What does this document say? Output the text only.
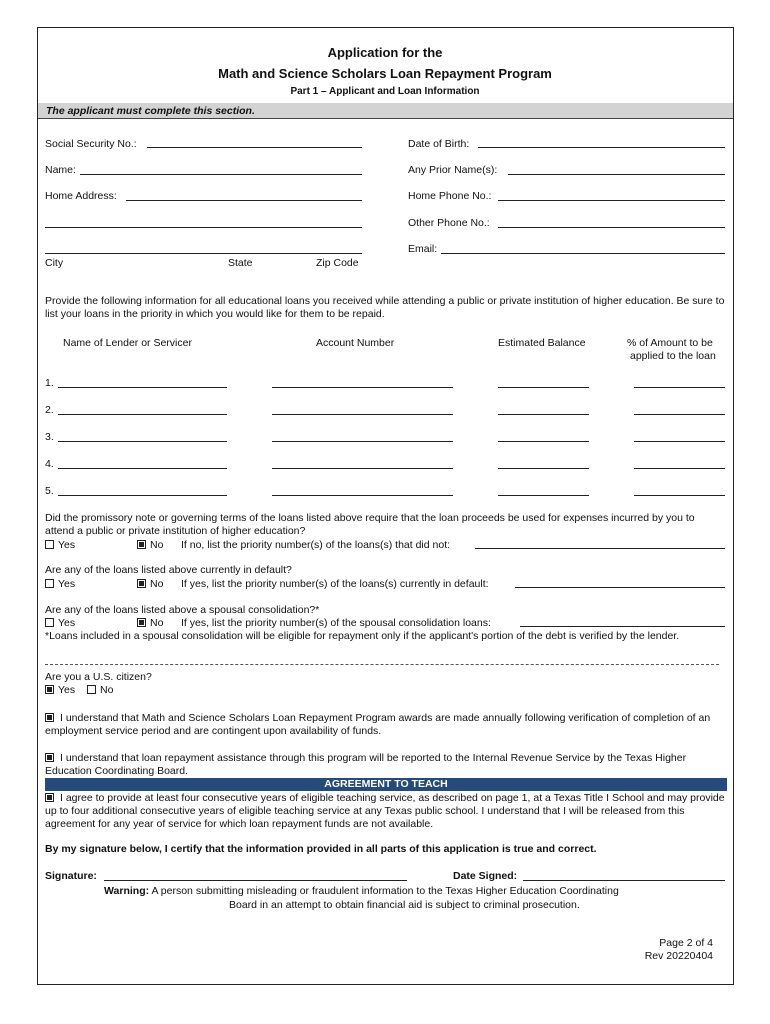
Application for the
Math and Science Scholars Loan Repayment Program
Part 1 – Applicant and Loan Information
The applicant must complete this section.
Social Security No.:	Date of Birth:
Name:	Any Prior Name(s):
Home Address:	Home Phone No.:
Other Phone No.:
Email:
City	State	Zip Code
Provide the following information for all educational loans you received while attending a public or private institution of higher education. Be sure to list your loans in the priority in which you would like for them to be repaid.
Name of Lender or Servicer	Account Number	Estimated Balance	% of Amount to be
applied to the loan
1.
2.
3.
4.
5.
Did the promissory note or governing terms of the loans listed above require that the loan proceeds be used for expenses incurred by you to attend a public or private institution of higher education?
Yes	No If no, list the priority number(s) of the loans(s) that did not:
Are any of the loans listed above currently in default?
Yes	No If yes, list the priority number(s) of the loans(s) currently in default:
Are any of the loans listed above a spousal consolidation?*
Yes	No If yes, list the priority number(s) of the spousal consolidation loans:
*Loans included in a spousal consolidation will be eligible for repayment only if the applicant's portion of the debt is verified by the lender.
Are you a U.S. citizen?
Yes	No
I understand that Math and Science Scholars Loan Repayment Program awards are made annually following verification of completion of an employment service period and are contingent upon availability of funds.
I understand that loan repayment assistance through this program will be reported to the Internal Revenue Service by the Texas Higher Education Coordinating Board.
AGREEMENT TO TEACH
I agree to provide at least four consecutive years of eligible teaching service, as described on page 1, at a Texas Title I School and may provide up to four additional consecutive years of eligible teaching service at any Texas public school. I understand that I will be released from this agreement for any year of service for which loan repayment funds are not available.
By my signature below, I certify that the information provided in all parts of this application is true and correct.
Signature:	Date Signed:
Warning: A person submitting misleading or fraudulent information to the Texas Higher Education Coordinating
Board in an attempt to obtain financial aid is subject to criminal prosecution.
Page 2 of 4
Rev 20220404
